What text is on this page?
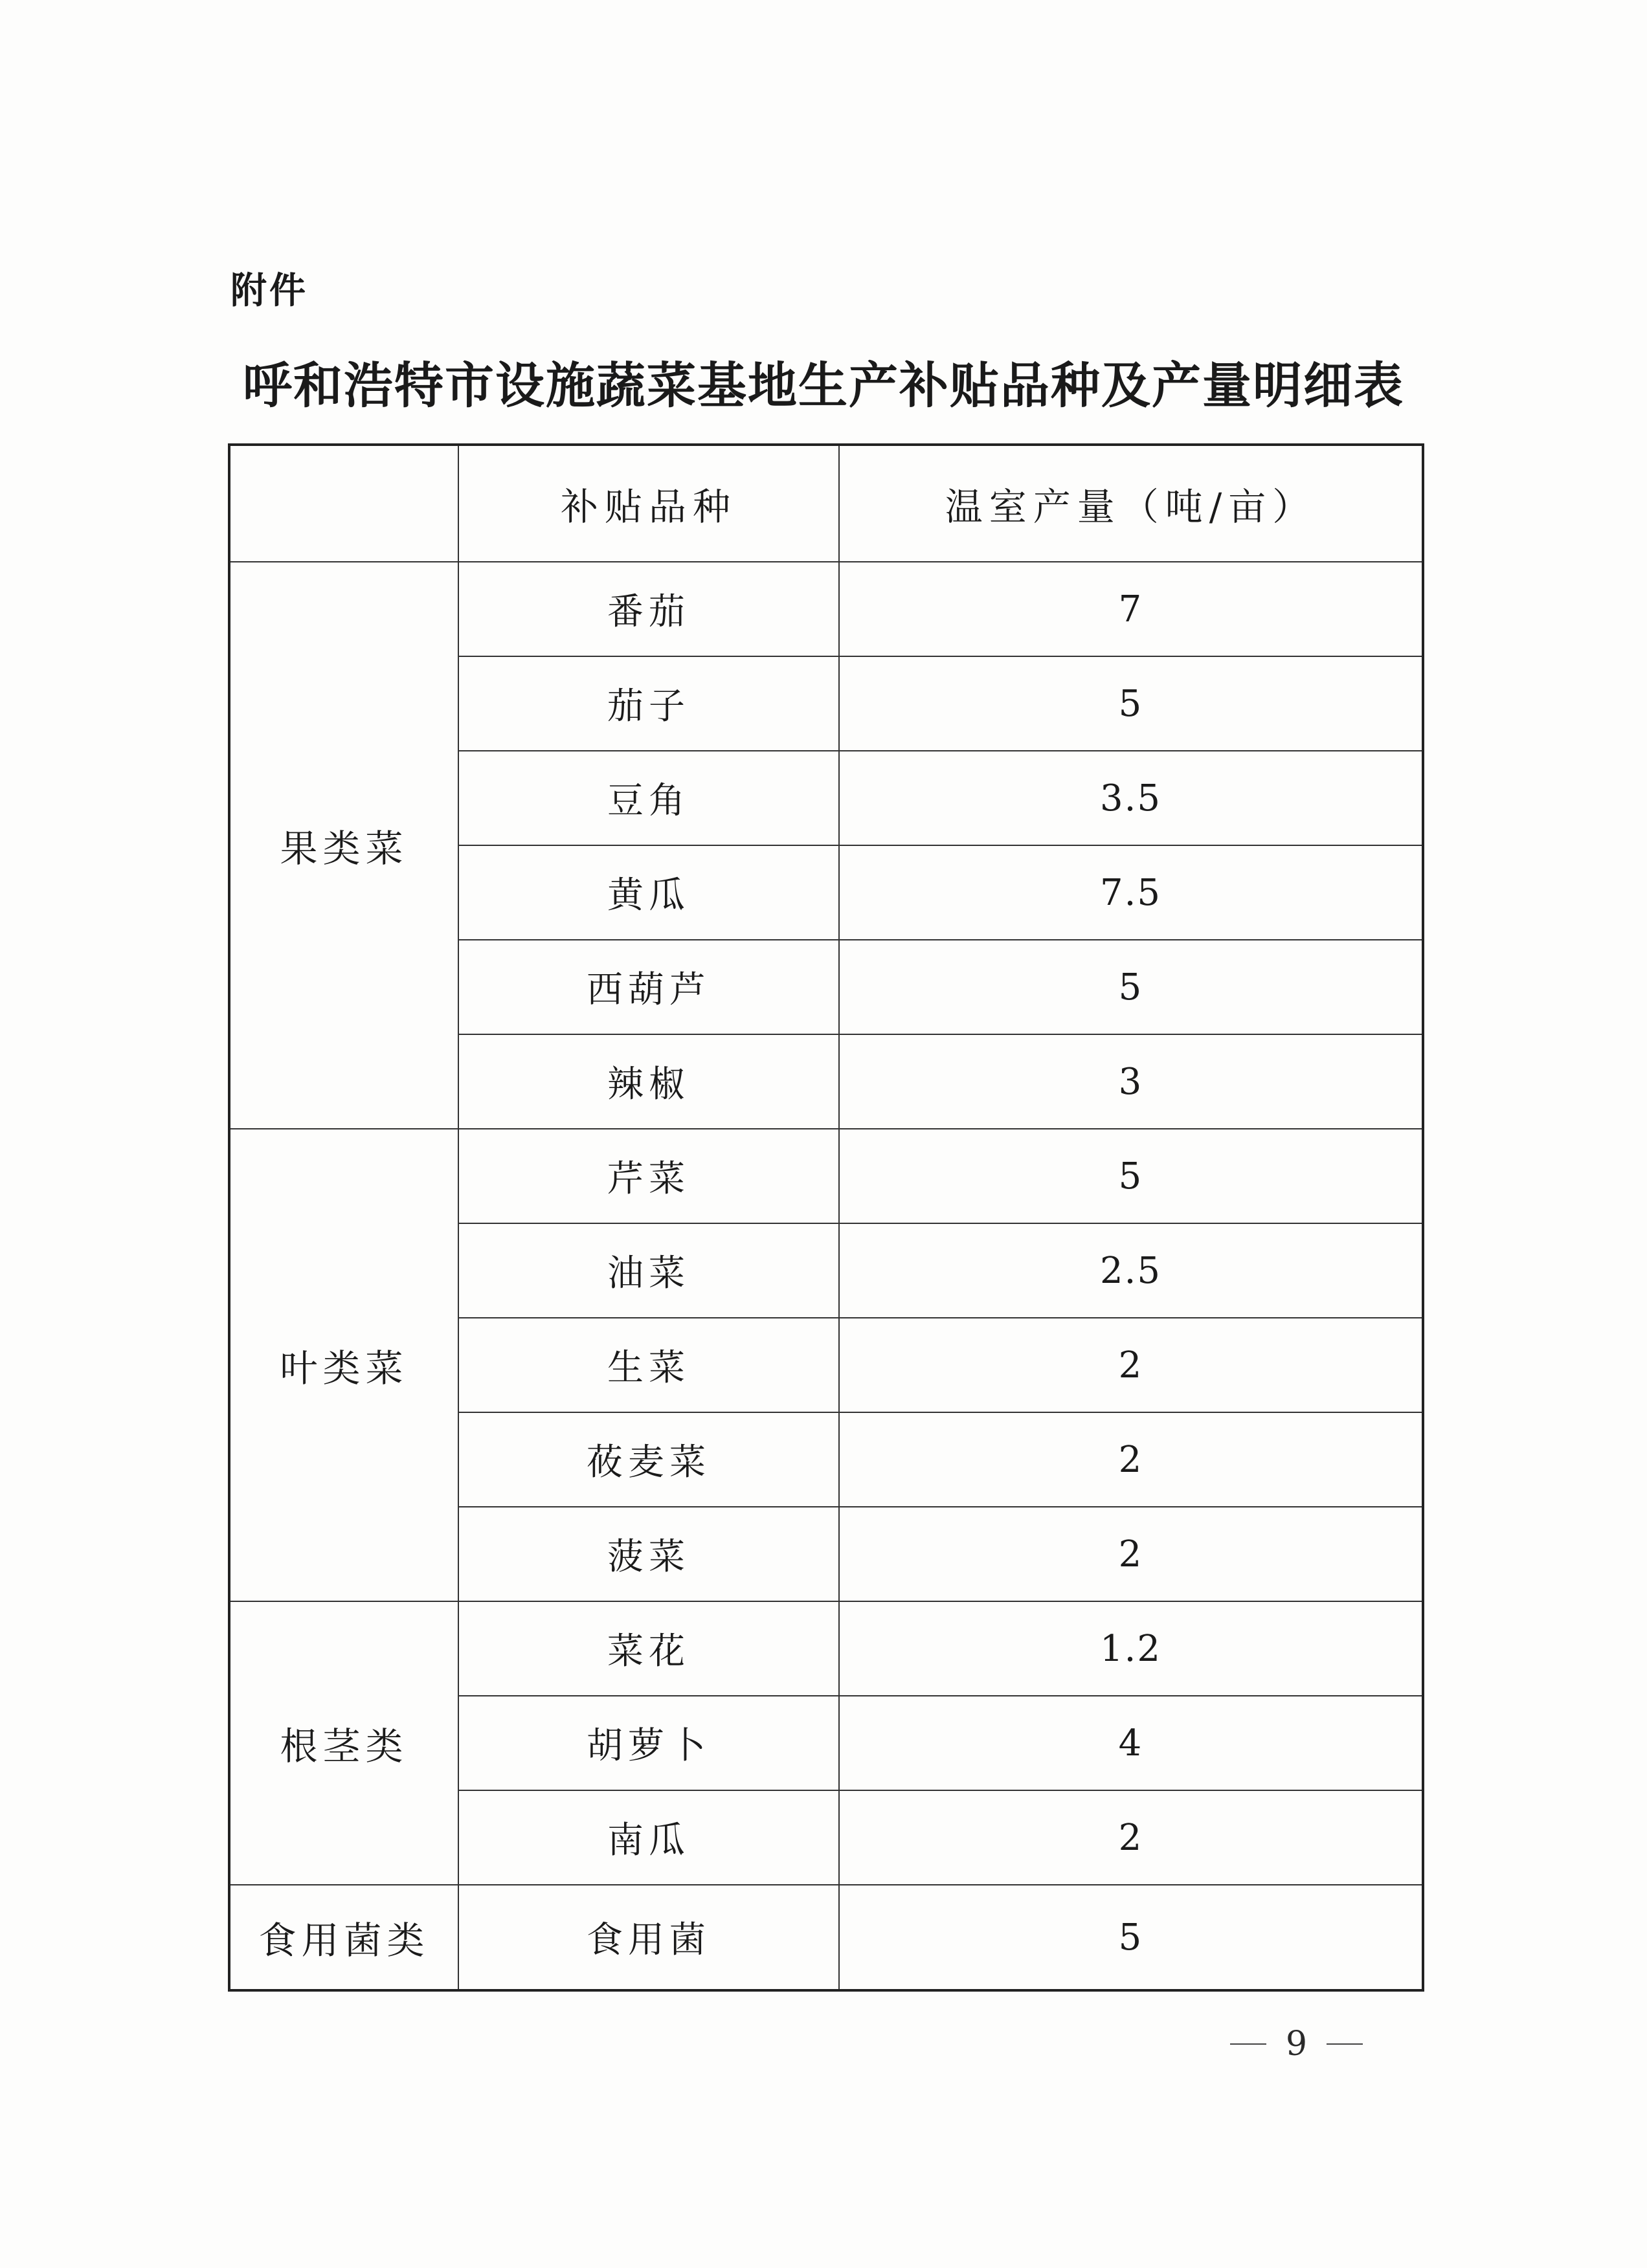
附件
呼和浩特市设施蔬菜基地生产补贴品种及产量明细表
	补贴品种	温室产量（吨/亩）
果类菜	番茄	7
	茄子	5
	豆角	3.5
	黄瓜	7.5
	西葫芦	5
	辣椒	3
叶类菜	芹菜	5
	油菜	2.5
	生菜	2
	莜麦菜	2
	菠菜	2
根茎类	菜花	1.2
	胡萝卜	4
	南瓜	2
食用菌类	食用菌	5
9
